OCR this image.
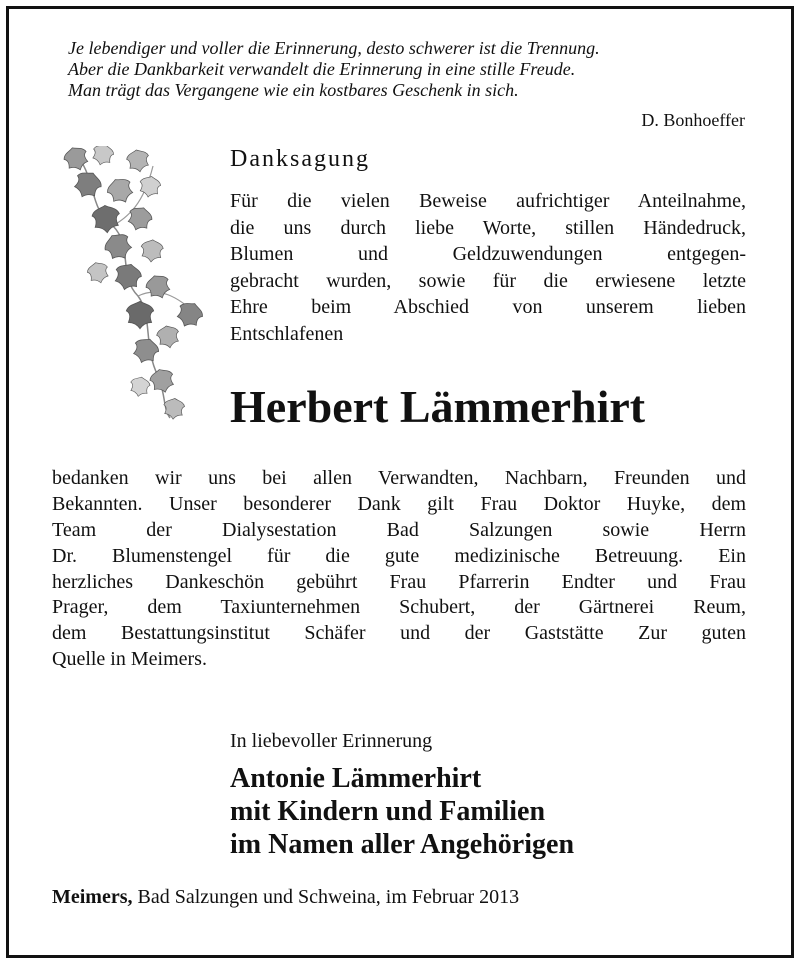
Je lebendiger und voller die Erinnerung, desto schwerer ist die Trennung.
Aber die Dankbarkeit verwandelt die Erinnerung in eine stille Freude.
Man trägt das Vergangene wie ein kostbares Geschenk in sich.
D. Bonhoeffer
Danksagung
Für die vielen Beweise aufrichtiger Anteilnahme,
die uns durch liebe Worte, stillen Händedruck,
Blumen und Geldzuwendungen entgegen-
gebracht wurden, sowie für die erwiesene letzte
Ehre beim Abschied von unserem lieben
Entschlafenen
Herbert Lämmerhirt
bedanken wir uns bei allen Verwandten, Nachbarn, Freunden und
Bekannten. Unser besonderer Dank gilt Frau Doktor Huyke, dem
Team der Dialysestation Bad Salzungen sowie Herrn
Dr. Blumenstengel für die gute medizinische Betreuung. Ein
herzliches Dankeschön gebührt Frau Pfarrerin Endter und Frau
Prager, dem Taxiunternehmen Schubert, der Gärtnerei Reum,
dem Bestattungsinstitut Schäfer und der Gaststätte Zur guten
Quelle in Meimers.
In liebevoller Erinnerung
Antonie Lämmerhirt
mit Kindern und Familien
im Namen aller Angehörigen
Meimers, Bad Salzungen und Schweina, im Februar 2013
